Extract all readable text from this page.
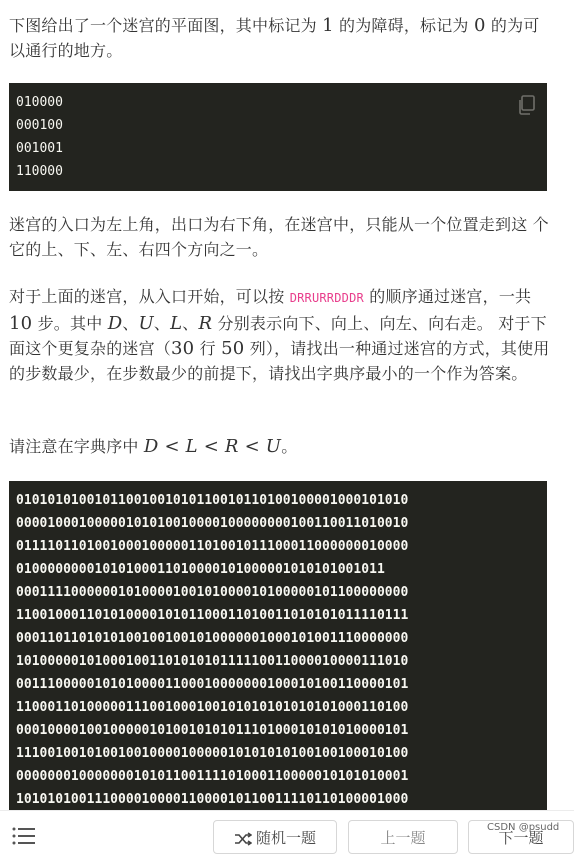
下图给出了一个迷宫的平面图，其中标记为 1 的为障碍，标记为 0 的为可以通行的地方。

010000
000100
001001
110000

迷宫的入口为左上角，出口为右下角，在迷宫中，只能从一个位置走到这 个它的上、下、左、右四个方向之一。

对于上面的迷宫，从入口开始，可以按 DRRURRDDDR 的顺序通过迷宫，一共 10 步。其中 D、U、L、R 分别表示向下、向上、向左、向右走。 对于下面这个更复杂的迷宫（30 行 50 列），请找出一种通过迷宫的方式，其使用的步数最少，在步数最少的前提下，请找出字典序最小的一个作为答案。

请注意在字典序中 D < L < R < U。

01010101001011001001010110010110100100001000101010
00001000100000101010010000100000000100110011010010
01111011010010001000001101001011100011000000010000
01000000001010100011010000101000001010101001011
00011110000001010000100101000010100000101100000000
11001000110101000010101100011010011010101011110111
00011011010101001001001010000001000101001110000000
10100000101000100110101010111110011000010000111010
00111000001010100001100010000000100010100110000101
11000110100000111001000100101010101010101000110100
00010000100100000101001010101110100010101010000101
11100100101001001000010000010101010100100100010100
00000001000000010101100111101000110000010101010001
10101010011100001000011000010110011110110100001000
随机一题	上一题	下一题
CSDN @psudd
